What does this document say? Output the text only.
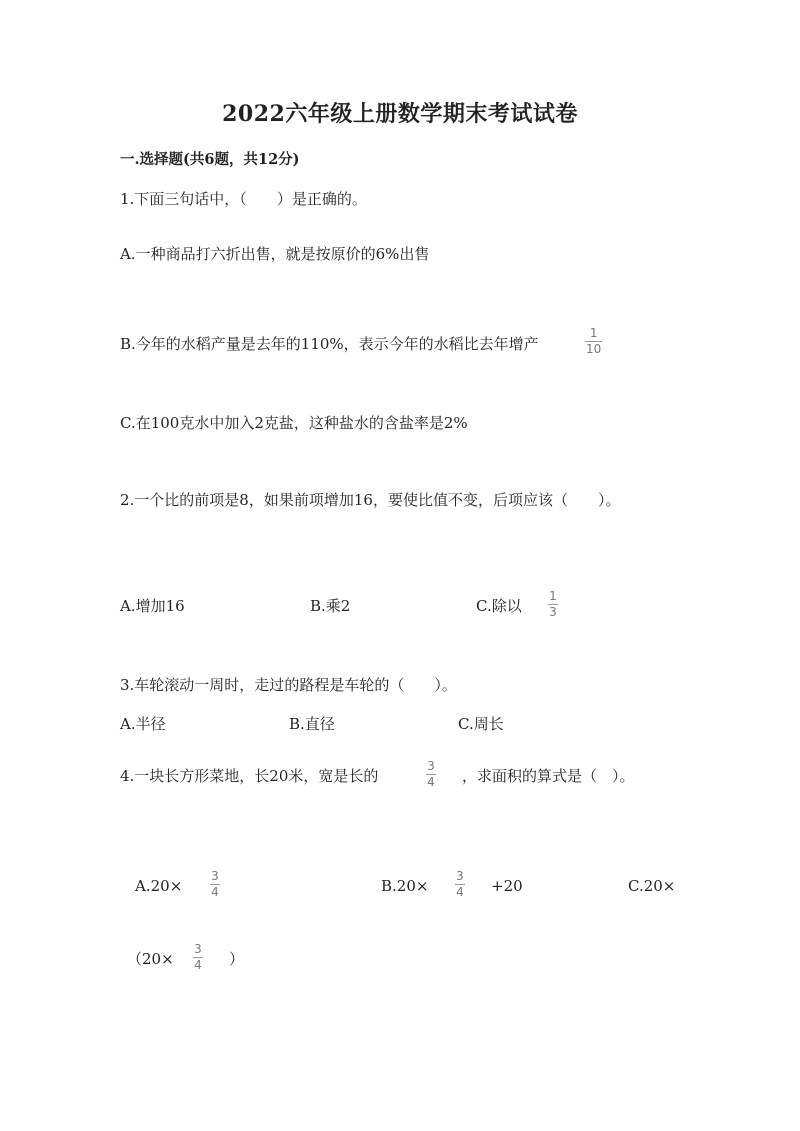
2022六年级上册数学期末考试试卷
一.选择题(共6题，共12分)
1.下面三句话中，（　　）是正确的。
A.一种商品打六折出售，就是按原价的6%出售
B.今年的水稻产量是去年的110%，表示今年的水稻比去年增产
1
10
C.在100克水中加入2克盐，这种盐水的含盐率是2%
2.一个比的前项是8，如果前项增加16，要使比值不变，后项应该（　　）。
A.增加16	B.乘2	C.除以
1
3
3.车轮滚动一周时，走过的路程是车轮的（　　）。
A.半径	B.直径	C.周长
4.一块长方形菜地，长20米，宽是长的
3
4 ，求面积的算式是（　）。
A.20×
3
4	B.20×
3
4 +20	C.20×
（20×
3
4 ）
